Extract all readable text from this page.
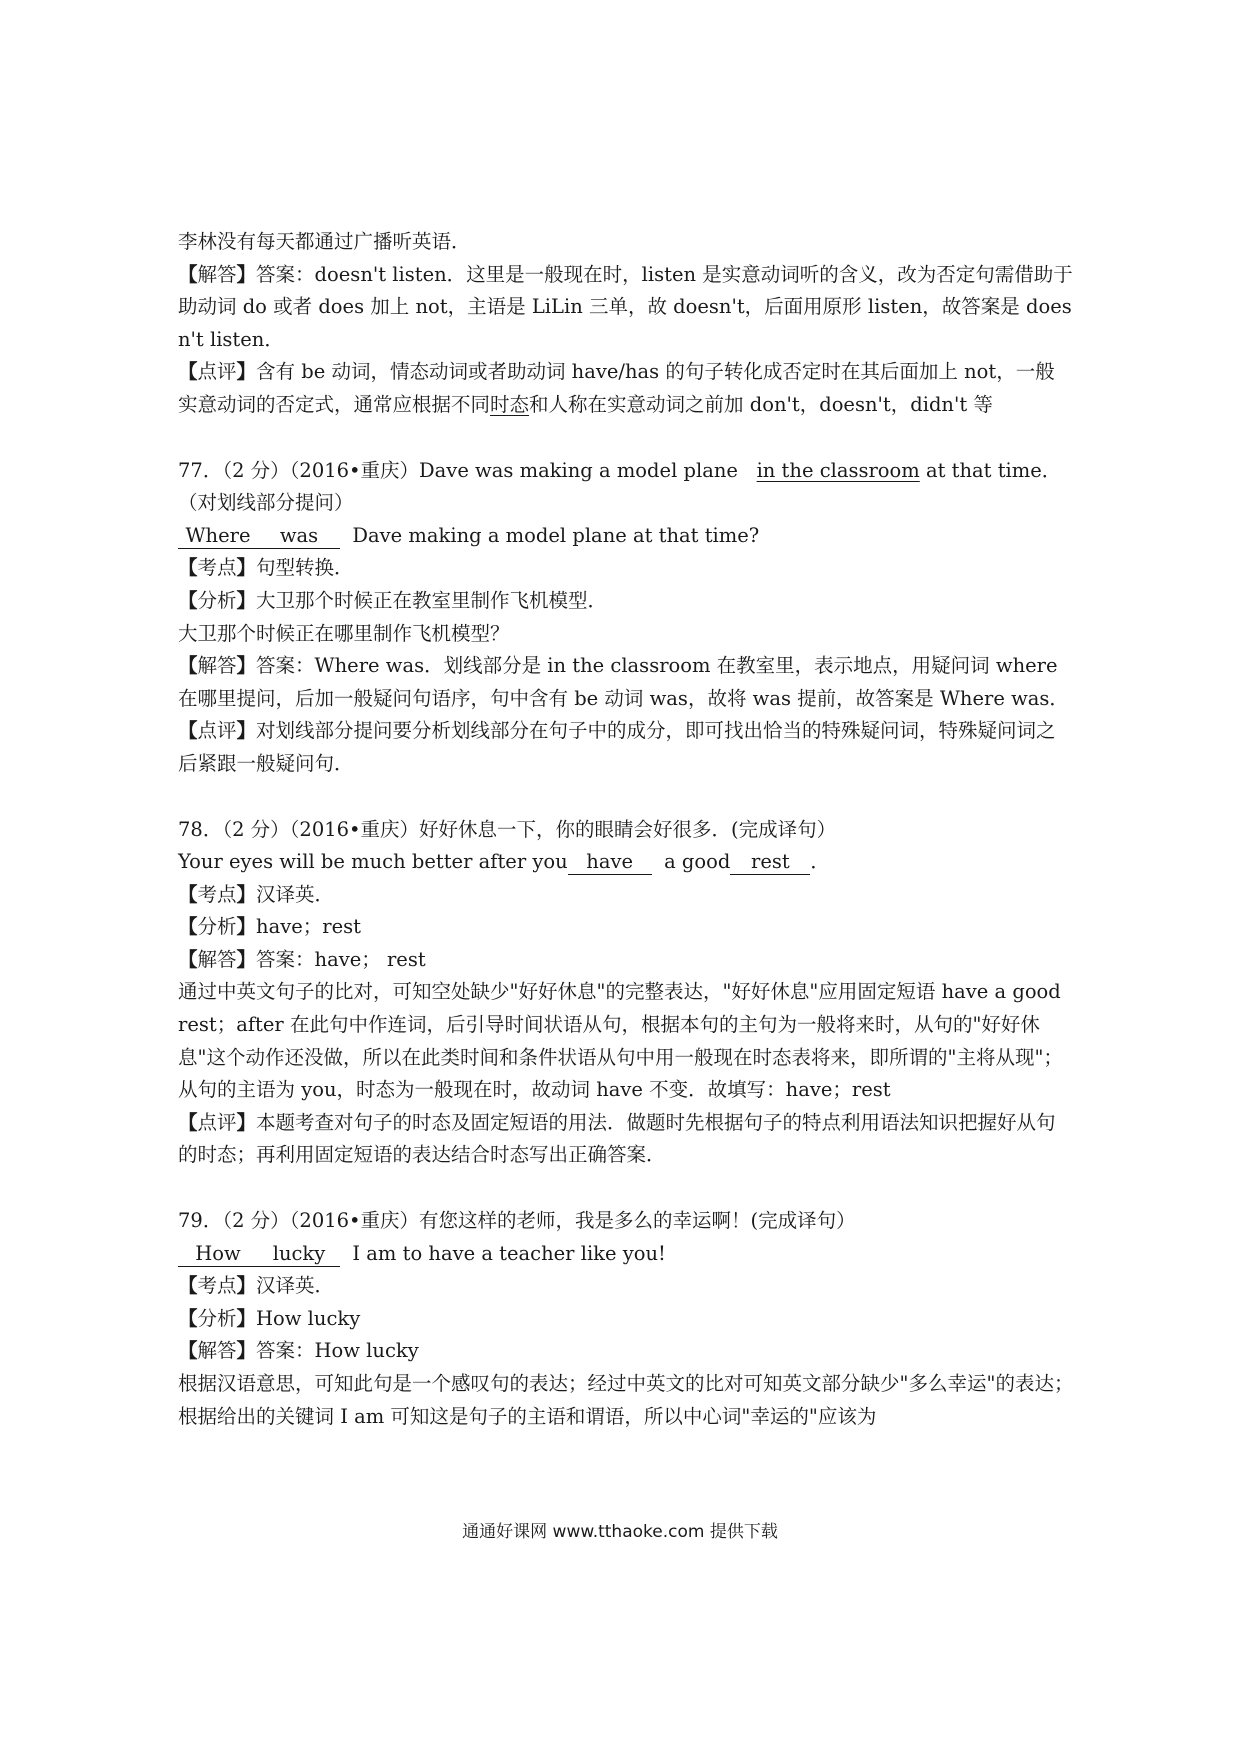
李林没有每天都通过广播听英语．

【解答】答案：doesn't listen．这里是一般现在时，listen 是实意动词听的含义，改为否定句需借助于助动词 do 或者 does 加上 not，主语是 LiLin 三单，故 doesn't，后面用原形 listen，故答案是 doesn't listen．

【点评】含有 be 动词，情态动词或者助动词 have/has 的句子转化成否定时在其后面加上 not，一般实意动词的否定式，通常应根据不同时态和人称在实意动词之前加 don't，doesn't，didn't 等

77．（2 分）（2016•重庆）Dave was making a model plane in the classroom at that time．（对划线部分提问）

Where was Dave making a model plane at that time?

【考点】句型转换．

【分析】大卫那个时候正在教室里制作飞机模型．

大卫那个时候正在哪里制作飞机模型？

【解答】答案：Where was．划线部分是 in the classroom 在教室里，表示地点，用疑问词 where 在哪里提问，后加一般疑问句语序，句中含有 be 动词 was，故将 was 提前，故答案是 Where was．

【点评】对划线部分提问要分析划线部分在句子中的成分，即可找出恰当的特殊疑问词，特殊疑问词之后紧跟一般疑问句．

78．（2 分）（2016•重庆）好好休息一下，你的眼睛会好很多．(完成译句）

Your eyes will be much better after you have a good rest ．

【考点】汉译英．

【分析】have；rest

【解答】答案：have； rest

通过中英文句子的比对，可知空处缺少"好好休息"的完整表达，"好好休息"应用固定短语 have a good rest；after 在此句中作连词，后引导时间状语从句，根据本句的主句为一般将来时，从句的"好好休息"这个动作还没做，所以在此类时间和条件状语从句中用一般现在时态表将来，即所谓的"主将从现"；从句的主语为 you，时态为一般现在时，故动词 have 不变．故填写：have；rest

【点评】本题考查对句子的时态及固定短语的用法．做题时先根据句子的特点利用语法知识把握好从句的时态；再利用固定短语的表达结合时态写出正确答案．

79．（2 分）（2016•重庆）有您这样的老师，我是多么的幸运啊！(完成译句）

How lucky I am to have a teacher like you!

【考点】汉译英．

【分析】How lucky

【解答】答案：How lucky

根据汉语意思，可知此句是一个感叹句的表达；经过中英文的比对可知英文部分缺少"多么幸运"的表达；根据给出的关键词 I am 可知这是句子的主语和谓语，所以中心词"幸运的"应该为

通通好课网 www.tthaoke.com 提供下载
